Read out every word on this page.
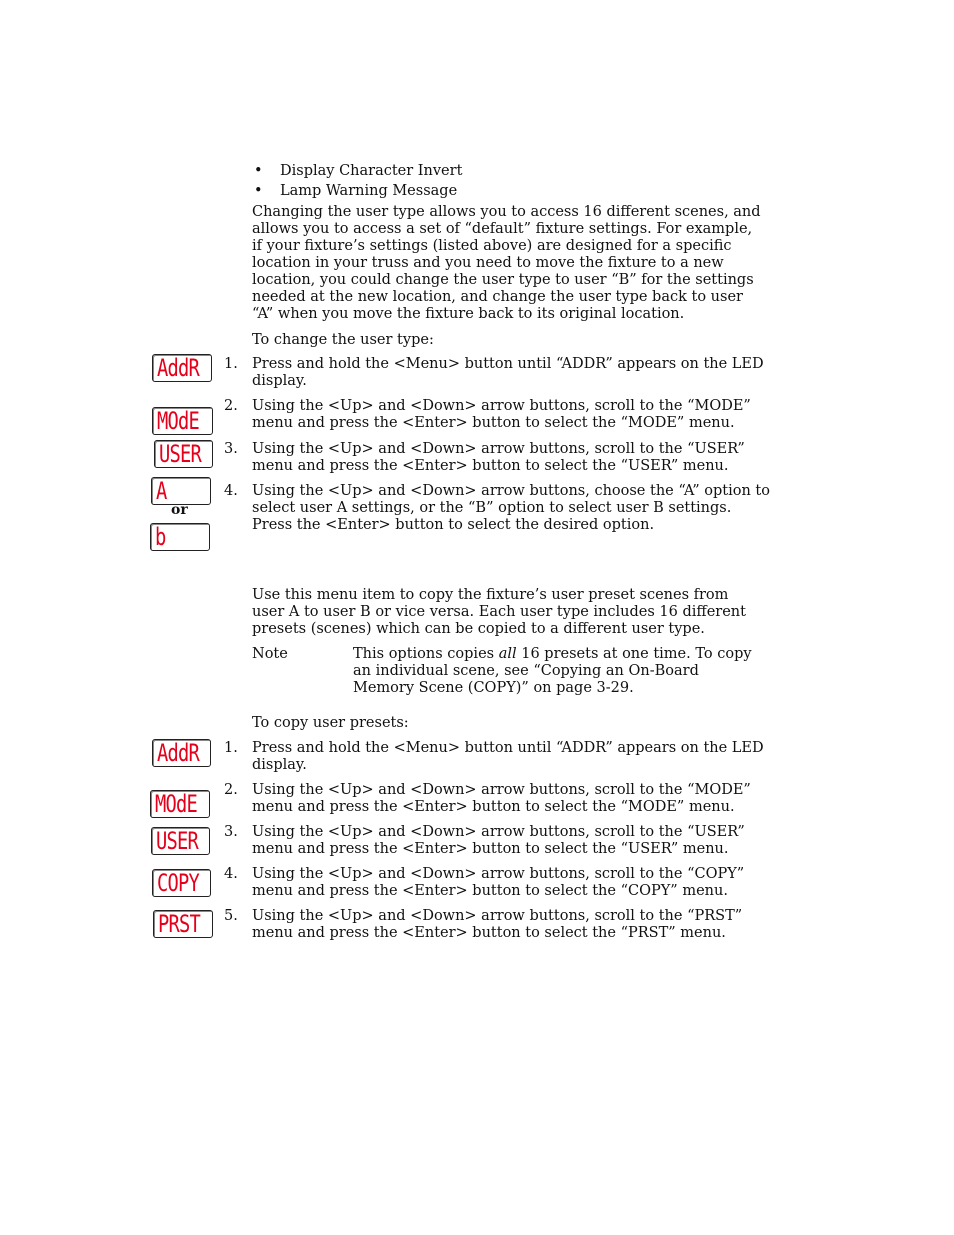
• Display Character Invert
• Lamp Warning Message
Changing the user type allows you to access 16 different scenes, and allows you to access a set of “default” fixture settings. For example, if your fixture’s settings (listed above) are designed for a specific location in your truss and you need to move the fixture to a new location, you could change the user type to user “B” for the settings needed at the new location, and change the user type back to user “A” when you move the fixture back to its original location.
To change the user type:
AddR 1. Press and hold the <Menu> button until “ADDR” appears on the LED display.
MOdE
2. Using the <Up> and <Down> arrow buttons, scroll to the “MODE” menu and press the <Enter> button to select the “MODE” menu.
USER 3. Using the <Up> and <Down> arrow buttons, scroll to the “USER” menu and press the <Enter> button to select the “USER” menu.
A
or
b
4. Using the <Up> and <Down> arrow buttons, choose the “A” option to select user A settings, or the “B” option to select user B settings. Press the <Enter> button to select the desired option.
Use this menu item to copy the fixture’s user preset scenes from user A to user B or vice versa. Each user type includes 16 different presets (scenes) which can be copied to a different user type.
Note	This options copies all 16 presets at one time. To copy an individual scene, see “Copying an On-Board Memory Scene (COPY)” on page 3-29.
To copy user presets:
AddR 1. Press and hold the <Menu> button until “ADDR” appears on the LED display.
MOdE 2. Using the <Up> and <Down> arrow buttons, scroll to the “MODE” menu and press the <Enter> button to select the “MODE” menu.
USER 3. Using the <Up> and <Down> arrow buttons, scroll to the “USER” menu and press the <Enter> button to select the “USER” menu.
COPY 4. Using the <Up> and <Down> arrow buttons, scroll to the “COPY” menu and press the <Enter> button to select the “COPY” menu.
PRST 5. Using the <Up> and <Down> arrow buttons, scroll to the “PRST” menu and press the <Enter> button to select the “PRST” menu.
